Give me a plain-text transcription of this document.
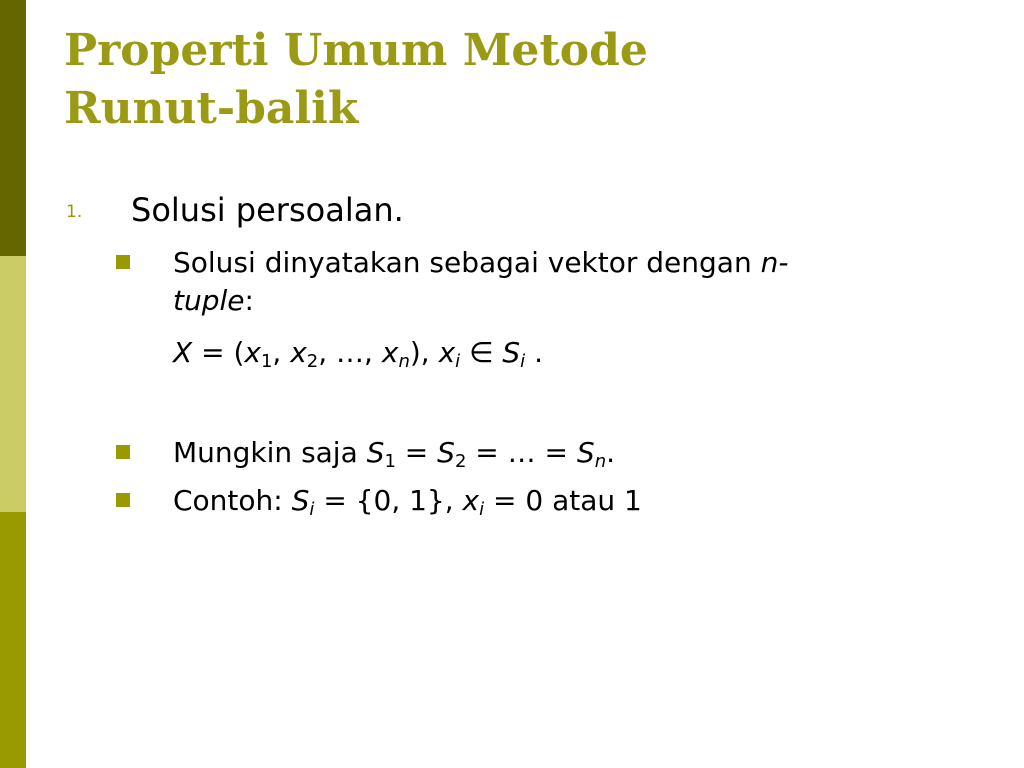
Properti Umum Metode
Runut-balik
1. Solusi persoalan.
Solusi dinyatakan sebagai vektor dengan n-
tuple:
$X = (x_1$, $x_2$, …, $x_n$), $x_i$ ∈ $S_i$ .
Mungkin saja $S_1 = S_2$ = … = $S_n$.
Contoh: $S_i = \{0$, 1}, $x_i = 0$ atau 1
